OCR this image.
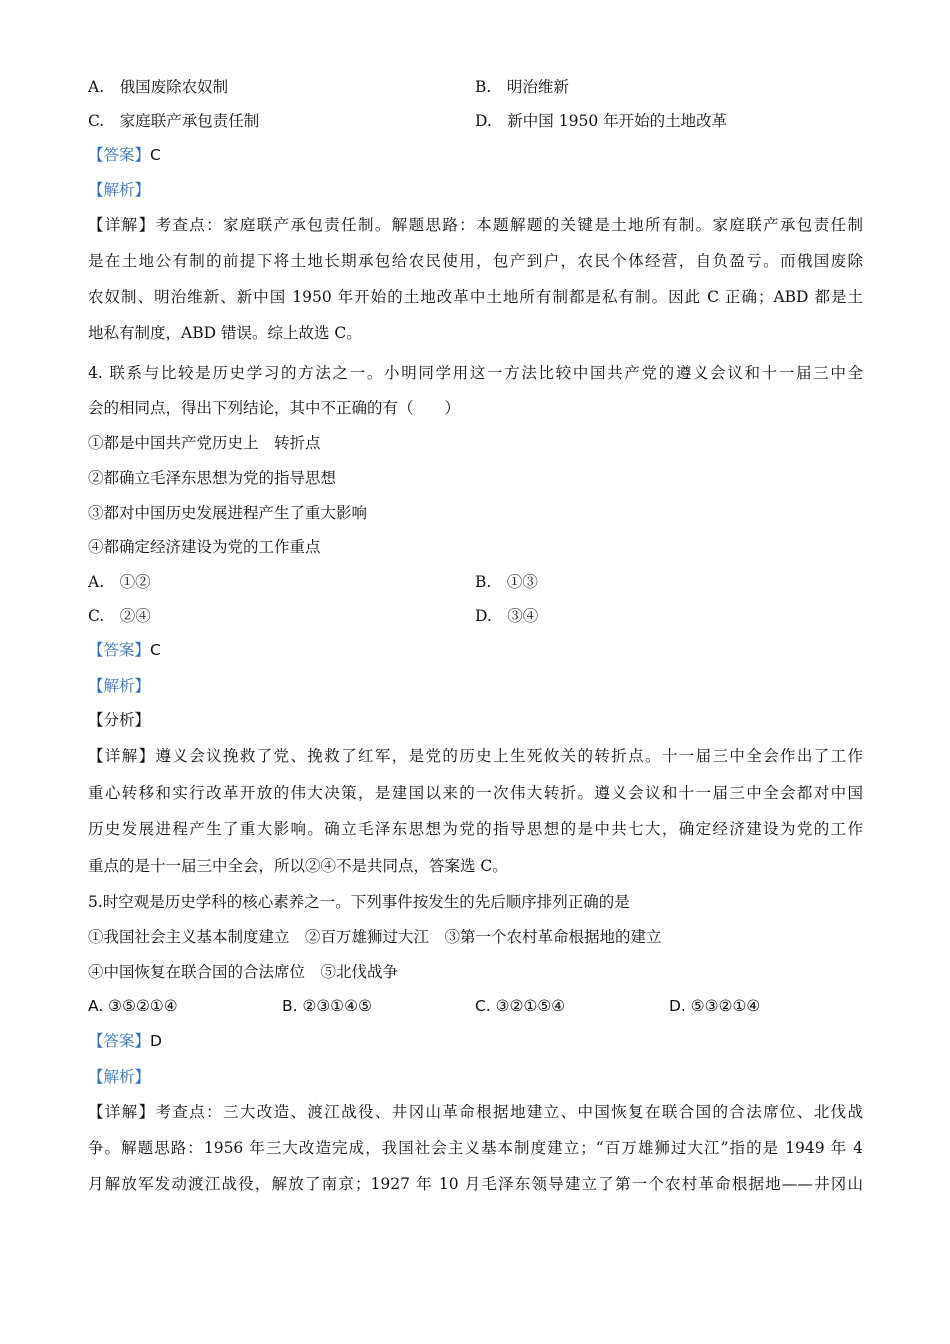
A.　俄国废除农奴制	B.　明治维新
C.　家庭联产承包责任制	D.　新中国 1950 年开始的土地改革
【答案】C
【解析】
【详解】考查点：家庭联产承包责任制。解题思路：本题解题的关键是土地所有制。家庭联产承包责任制
是在土地公有制的前提下将土地长期承包给农民使用，包产到户，农民个体经营，自负盈亏。而俄国废除
农奴制、明治维新、新中国 1950 年开始的土地改革中土地所有制都是私有制。因此 C 正确；ABD 都是土
地私有制度，ABD 错误。综上故选 C。
4. 联系与比较是历史学习的方法之一。小明同学用这一方法比较中国共产党的遵义会议和十一届三中全
会的相同点，得出下列结论，其中不正确的有（　　）
①都是中国共产党历史上　转折点
②都确立毛泽东思想为党的指导思想
③都对中国历史发展进程产生了重大影响
④都确定经济建设为党的工作重点
A.　①②	B.　①③
C.　②④	D.　③④
【答案】C
【解析】
【分析】
【详解】遵义会议挽救了党、挽救了红军，是党的历史上生死攸关的转折点。十一届三中全会作出了工作
重心转移和实行改革开放的伟大决策，是建国以来的一次伟大转折。遵义会议和十一届三中全会都对中国
历史发展进程产生了重大影响。确立毛泽东思想为党的指导思想的是中共七大，确定经济建设为党的工作
重点的是十一届三中全会，所以②④不是共同点，答案选 C。
5.时空观是历史学科的核心素养之一。下列事件按发生的先后顺序排列正确的是
①我国社会主义基本制度建立　②百万雄狮过大江　③第一个农村革命根据地的建立
④中国恢复在联合国的合法席位　⑤北伐战争
A. ③⑤②①④	B. ②③①④⑤	C. ③②①⑤④	D. ⑤③②①④
【答案】D
【解析】
【详解】考查点：三大改造、渡江战役、井冈山革命根据地建立、中国恢复在联合国的合法席位、北伐战
争。解题思路：1956 年三大改造完成，我国社会主义基本制度建立；“百万雄狮过大江”指的是 1949 年 4
月解放军发动渡江战役，解放了南京；1927 年 10 月毛泽东领导建立了第一个农村革命根据地——井冈山
